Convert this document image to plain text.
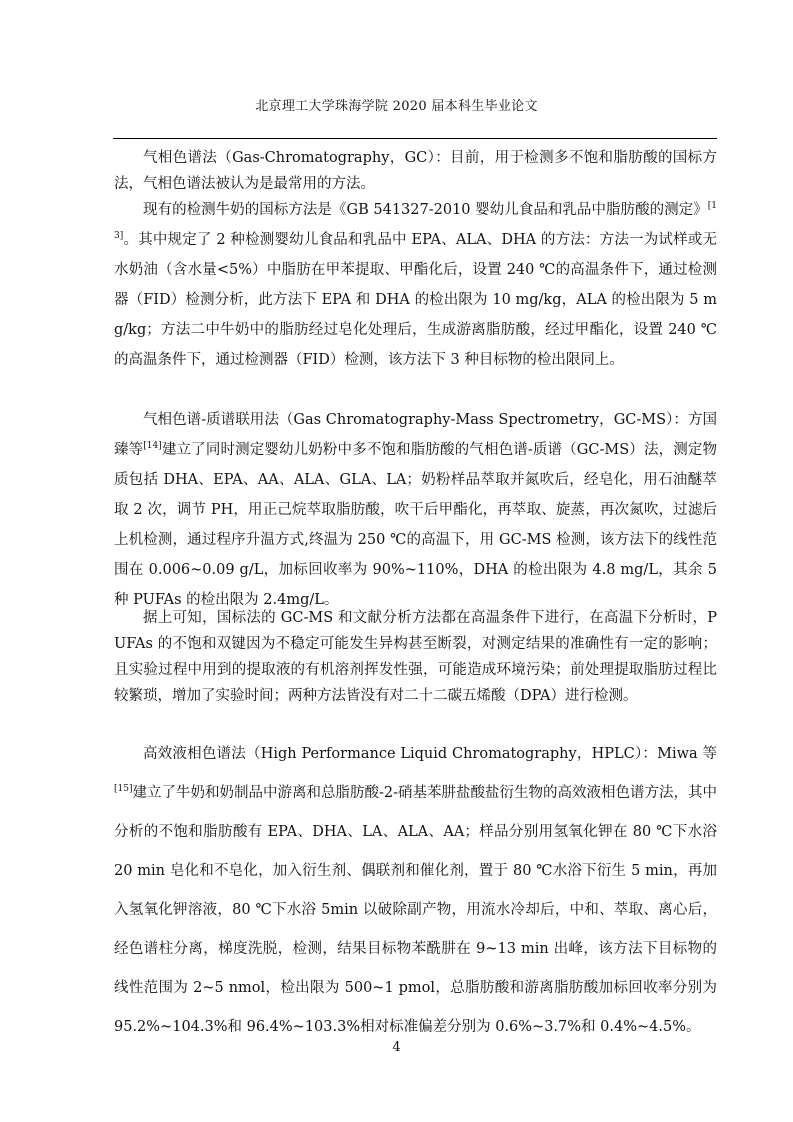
北京理工大学珠海学院 2020 届本科生毕业论文

气相色谱法（Gas-Chromatography，GC）：目前，用于检测多不饱和脂肪酸的国标方法，气相色谱法被认为是最常用的方法。

现有的检测牛奶的国标方法是《GB 541327-2010 婴幼儿食品和乳品中脂肪酸的测定》[13]。其中规定了 2 种检测婴幼儿食品和乳品中 EPA、ALA、DHA 的方法：方法一为试样或无水奶油（含水量<5%）中脂肪在甲苯提取、甲酯化后，设置 240 ℃的高温条件下，通过检测器（FID）检测分析，此方法下 EPA 和 DHA 的检出限为 10 mg/kg，ALA 的检出限为 5 mg/kg；方法二中牛奶中的脂肪经过皂化处理后，生成游离脂肪酸，经过甲酯化，设置 240 ℃的高温条件下，通过检测器（FID）检测，该方法下 3 种目标物的检出限同上。

气相色谱-质谱联用法（Gas Chromatography-Mass Spectrometry，GC-MS）：方国臻等[14]建立了同时测定婴幼儿奶粉中多不饱和脂肪酸的气相色谱-质谱（GC-MS）法，测定物质包括 DHA、EPA、AA、ALA、GLA、LA；奶粉样品萃取并氮吹后，经皂化，用石油醚萃取 2 次，调节 PH，用正己烷萃取脂肪酸，吹干后甲酯化，再萃取、旋蒸，再次氮吹，过滤后上机检测，通过程序升温方式,终温为 250 ℃的高温下，用 GC-MS 检测，该方法下的线性范围在 0.006~0.09 g/L，加标回收率为 90%~110%，DHA 的检出限为 4.8 mg/L，其余 5 种 PUFAs 的检出限为 2.4mg/L。

据上可知，国标法的 GC-MS 和文献分析方法都在高温条件下进行，在高温下分析时，PUFAs 的不饱和双键因为不稳定可能发生异构甚至断裂，对测定结果的准确性有一定的影响；且实验过程中用到的提取液的有机溶剂挥发性强，可能造成环境污染；前处理提取脂肪过程比较繁琐，增加了实验时间；两种方法皆没有对二十二碳五烯酸（DPA）进行检测。

高效液相色谱法（High Performance Liquid Chromatography，HPLC）：Miwa 等[15]建立了牛奶和奶制品中游离和总脂肪酸-2-硝基苯肼盐酸盐衍生物的高效液相色谱方法，其中分析的不饱和脂肪酸有 EPA、DHA、LA、ALA、AA；样品分别用氢氧化钾在 80 ℃下水浴 20 min 皂化和不皂化，加入衍生剂、偶联剂和催化剂，置于 80 ℃水浴下衍生 5 min，再加入氢氧化钾溶液，80 ℃下水浴 5min 以破除副产物，用流水冷却后，中和、萃取、离心后，经色谱柱分离，梯度洗脱，检测，结果目标物苯酰肼在 9~13 min 出峰，该方法下目标物的线性范围为 2~5 nmol，检出限为 500~1 pmol，总脂肪酸和游离脂肪酸加标回收率分别为 95.2%~104.3%和 96.4%~103.3%相对标准偏差分别为 0.6%~3.7%和 0.4%~4.5%。

4
